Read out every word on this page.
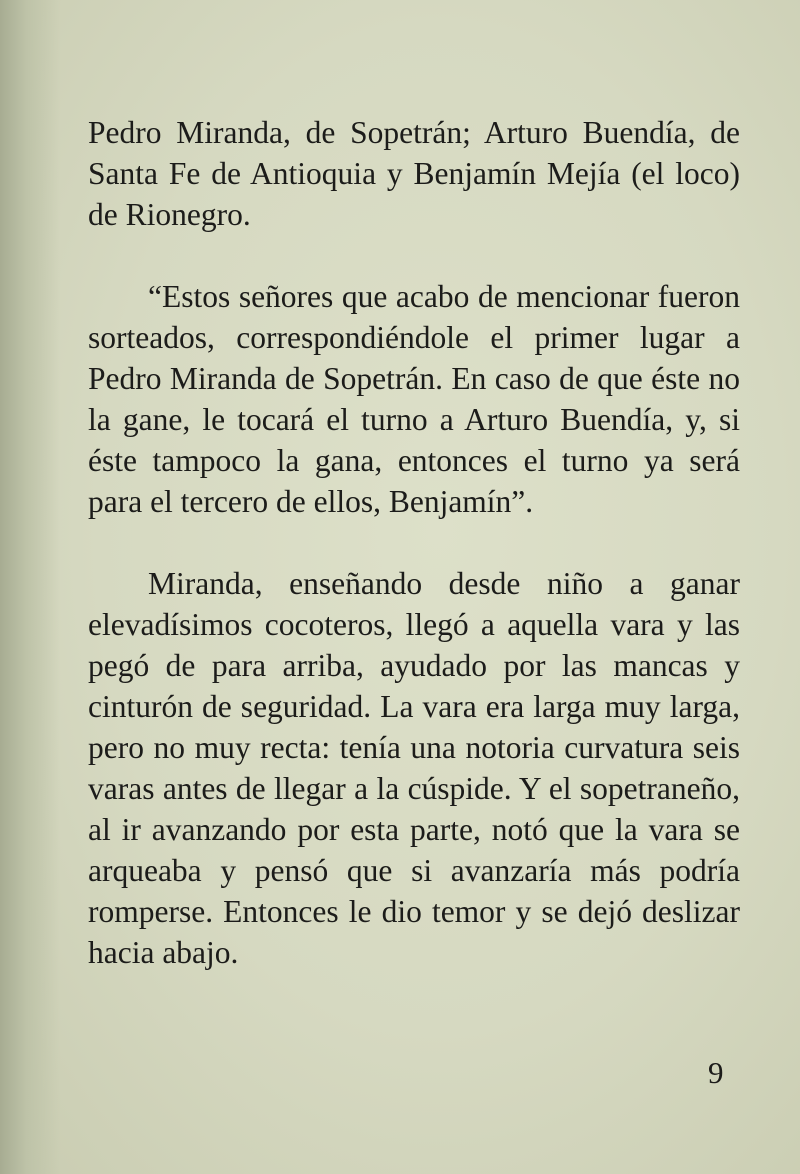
Pedro Miranda, de Sopetrán; Arturo Buendía, de Santa Fe de Antioquia y Benjamín Mejía (el loco) de Rionegro.

“Estos señores que acabo de mencionar fueron sorteados, correspondiéndole el primer lugar a Pedro Miranda de Sopetrán. En caso de que éste no la gane, le tocará el turno a Arturo Buendía, y, si éste tampoco la gana, entonces el turno ya será para el tercero de ellos, Benjamín”.

Miranda, enseñando desde niño a ganar elevadísimos cocoteros, llegó a aquella vara y las pegó de para arriba, ayudado por las mancas y cinturón de seguridad. La vara era larga muy larga, pero no muy recta: tenía una notoria curvatura seis varas antes de llegar a la cúspide. Y el sopetraneño, al ir avanzando por esta parte, notó que la vara se arqueaba y pensó que si avanzaría más podría romperse. Entonces le dio temor y se dejó deslizar hacia abajo.

9
